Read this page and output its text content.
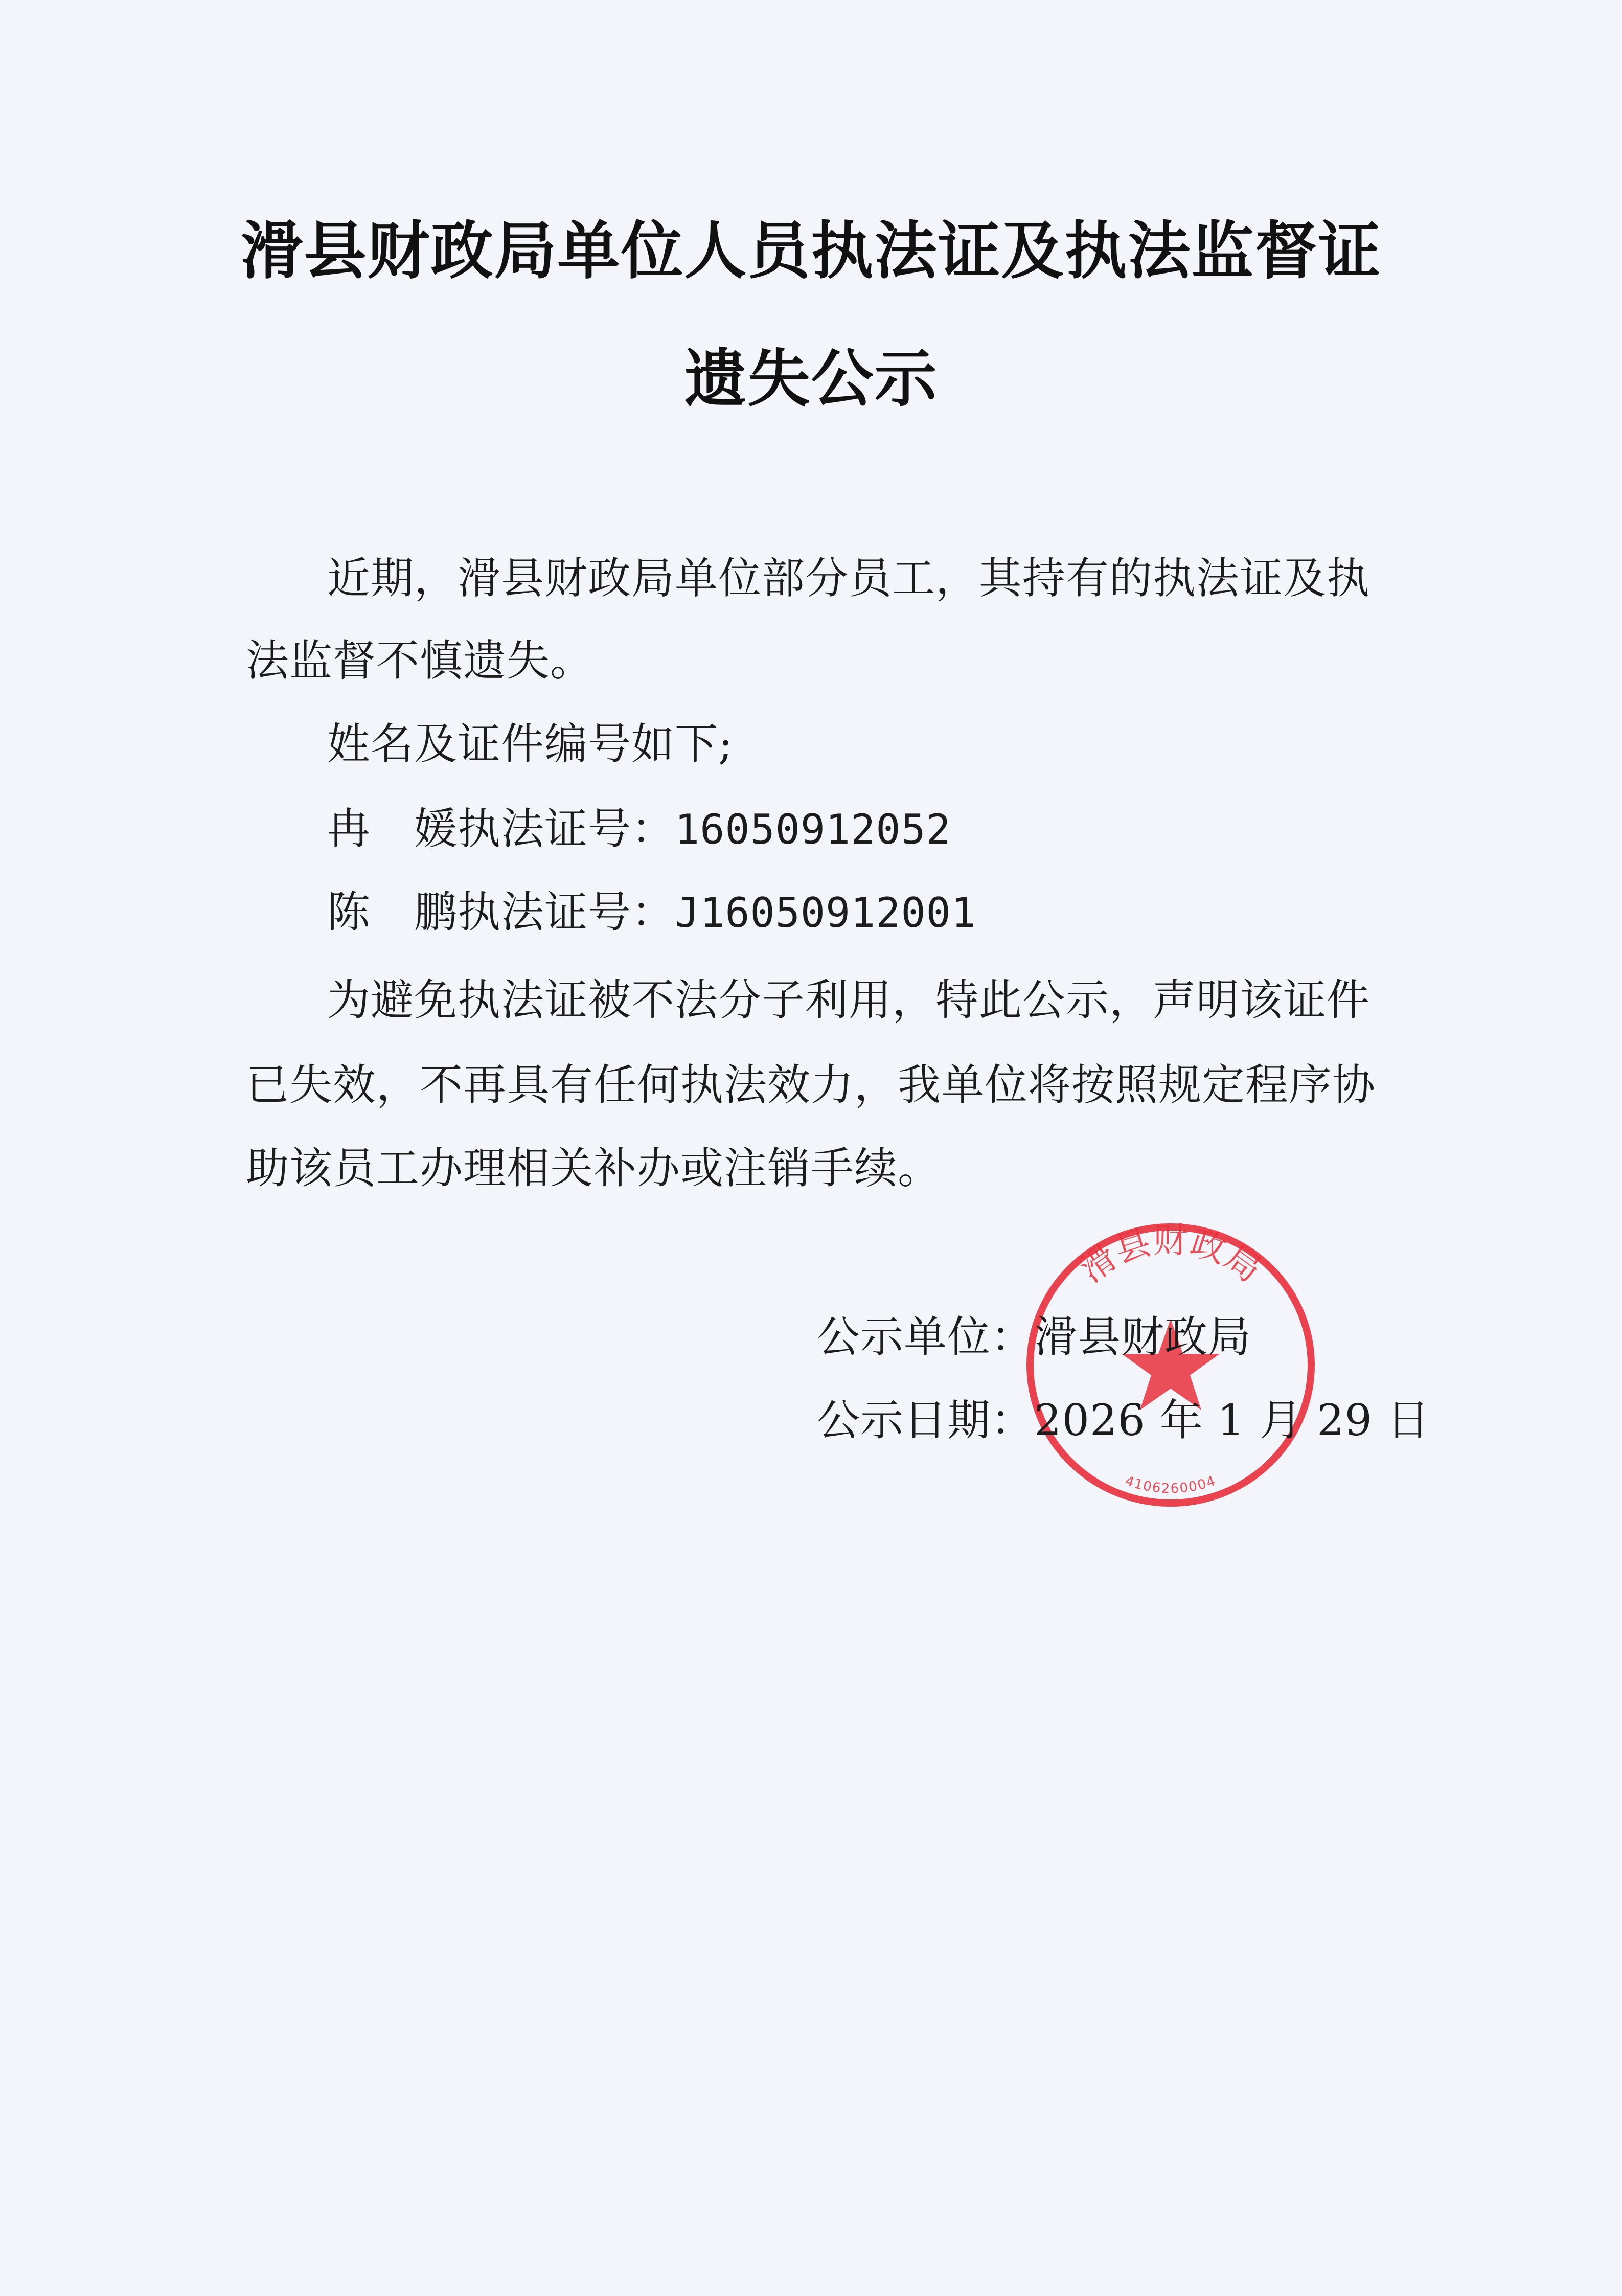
滑县财政局单位人员执法证及执法监督证
遗失公示
近期，滑县财政局单位部分员工，其持有的执法证及执
法监督不慎遗失。
姓名及证件编号如下;
冉　媛执法证号：16050912052
陈　鹏执法证号：J16050912001
为避免执法证被不法分子利用，特此公示，声明该证件
已失效，不再具有任何执法效力，我单位将按照规定程序协
助该员工办理相关补办或注销手续。
滑县财政局
4106260004
公示单位：滑县财政局
公示日期：2026 年 1 月 29 日
